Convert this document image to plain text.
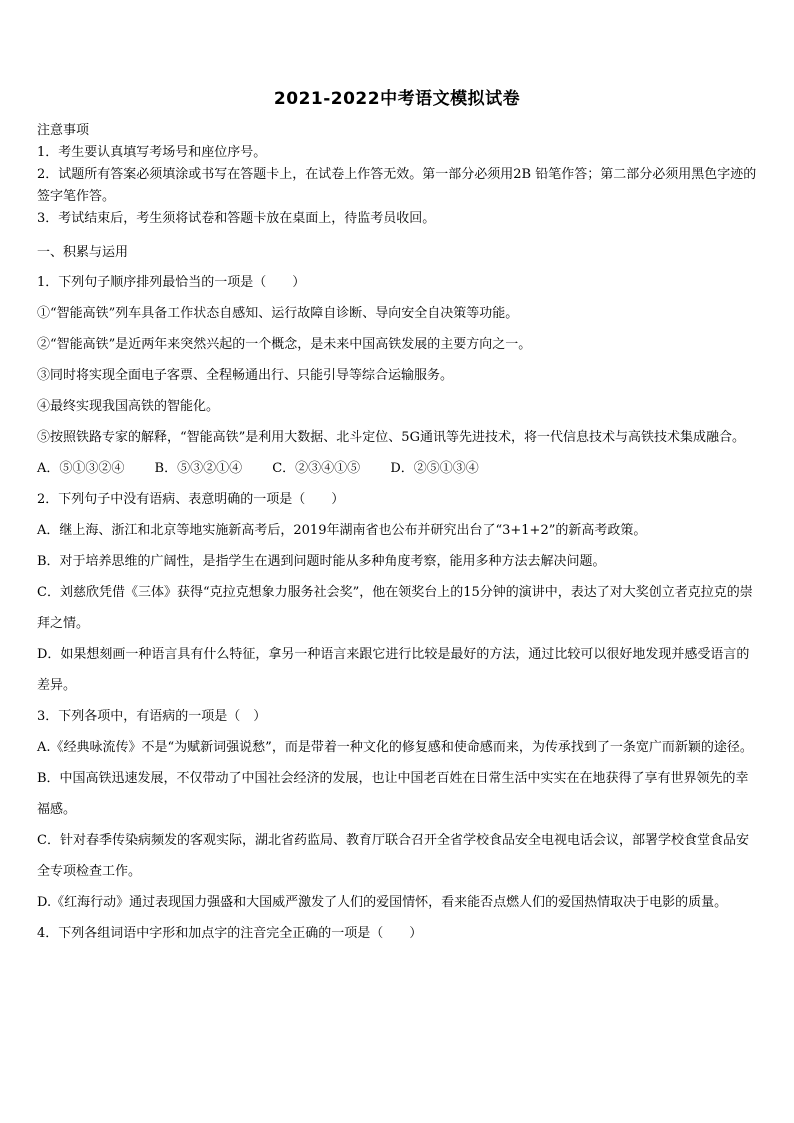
2021-2022中考语文模拟试卷
注意事项
1．考生要认真填写考场号和座位序号。
2．试题所有答案必须填涂或书写在答题卡上，在试卷上作答无效。第一部分必须用2B 铅笔作答；第二部分必须用黑色字迹的签字笔作答。
3．考试结束后，考生须将试卷和答题卡放在桌面上，待监考员收回。
一、积累与运用
1．下列句子顺序排列最恰当的一项是（　　）
①“智能高铁”列车具备工作状态自感知、运行故障自诊断、导向安全自决策等功能。
②“智能高铁”是近两年来突然兴起的一个概念，是未来中国高铁发展的主要方向之一。
③同时将实现全面电子客票、全程畅通出行、只能引导等综合运输服务。
④最终实现我国高铁的智能化。
⑤按照铁路专家的解释，“智能高铁”是利用大数据、北斗定位、5G通讯等先进技术，将一代信息技术与高铁技术集成融合。
A．⑤①③②④ B．⑤③②①④ C．②③④①⑤ D．②⑤①③④
2．下列句子中没有语病、表意明确的一项是（　　）
A．继上海、浙江和北京等地实施新高考后，2019年湖南省也公布并研究出台了“3+1+2”的新高考政策。
B．对于培养思维的广阔性，是指学生在遇到问题时能从多种角度考察，能用多种方法去解决问题。
C．刘慈欣凭借《三体》获得“克拉克想象力服务社会奖”，他在领奖台上的15分钟的演讲中，表达了对大奖创立者克拉克的崇拜之情。
D．如果想刻画一种语言具有什么特征，拿另一种语言来跟它进行比较是最好的方法，通过比较可以很好地发现并感受语言的差异。
3．下列各项中，有语病的一项是（　）
A.《经典咏流传》不是“为赋新词强说愁”，而是带着一种文化的修复感和使命感而来，为传承找到了一条宽广而新颖的途径。
B．中国高铁迅速发展，不仅带动了中国社会经济的发展，也让中国老百姓在日常生活中实实在在地获得了享有世界领先的幸福感。
C．针对春季传染病频发的客观实际，湖北省药监局、教育厅联合召开全省学校食品安全电视电话会议，部署学校食堂食品安全专项检查工作。
D.《红海行动》通过表现国力强盛和大国威严激发了人们的爱国情怀，看来能否点燃人们的爱国热情取决于电影的质量。
4．下列各组词语中字形和加点字的注音完全正确的一项是（　　）
